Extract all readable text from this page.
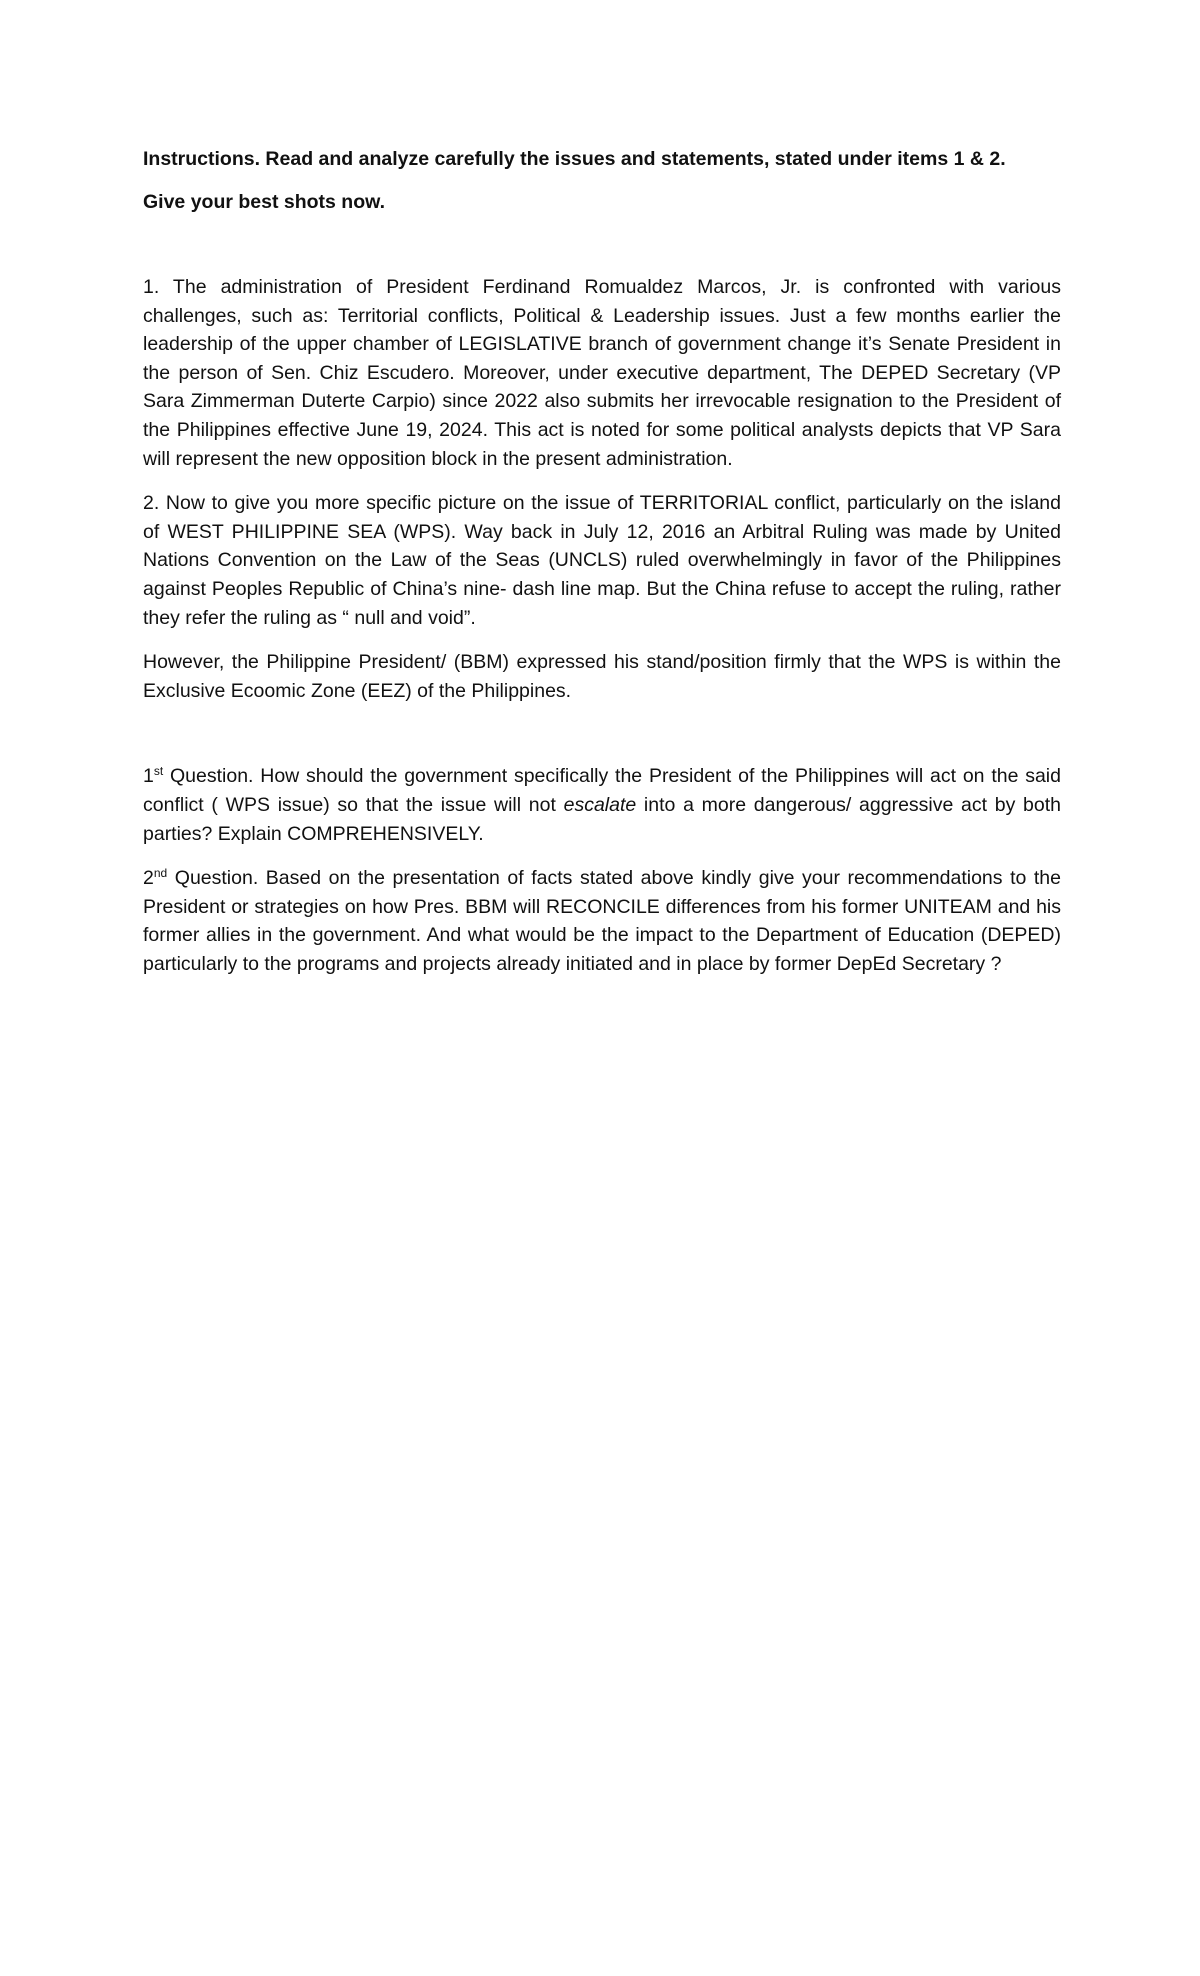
Instructions. Read and analyze carefully the issues and statements, stated under items 1 & 2.

Give your best shots now.

1. The administration of President Ferdinand Romualdez Marcos, Jr. is confronted with various challenges, such as: Territorial conflicts, Political & Leadership issues. Just a few months earlier the leadership of the upper chamber of LEGISLATIVE branch of government change it’s Senate President in the person of Sen. Chiz Escudero. Moreover, under executive department, The DEPED Secretary (VP Sara Zimmerman Duterte Carpio) since 2022 also submits her irrevocable resignation to the President of the Philippines effective June 19, 2024. This act is noted for some political analysts depicts that VP Sara will represent the new opposition block in the present administration.

2. Now to give you more specific picture on the issue of TERRITORIAL conflict, particularly on the island of WEST PHILIPPINE SEA (WPS). Way back in July 12, 2016 an Arbitral Ruling was made by United Nations Convention on the Law of the Seas (UNCLS) ruled overwhelmingly in favor of the Philippines against Peoples Republic of China’s nine- dash line map. But the China refuse to accept the ruling, rather they refer the ruling as “ null and void”.

However, the Philippine President/ (BBM) expressed his stand/position firmly that the WPS is within the Exclusive Ecoomic Zone (EEZ) of the Philippines.

1st Question. How should the government specifically the President of the Philippines will act on the said conflict ( WPS issue) so that the issue will not escalate into a more dangerous/ aggressive act by both parties? Explain COMPREHENSIVELY.

2nd Question. Based on the presentation of facts stated above kindly give your recommendations to the President or strategies on how Pres. BBM will RECONCILE differences from his former UNITEAM and his former allies in the government. And what would be the impact to the Department of Education (DEPED) particularly to the programs and projects already initiated and in place by former DepEd Secretary ?
